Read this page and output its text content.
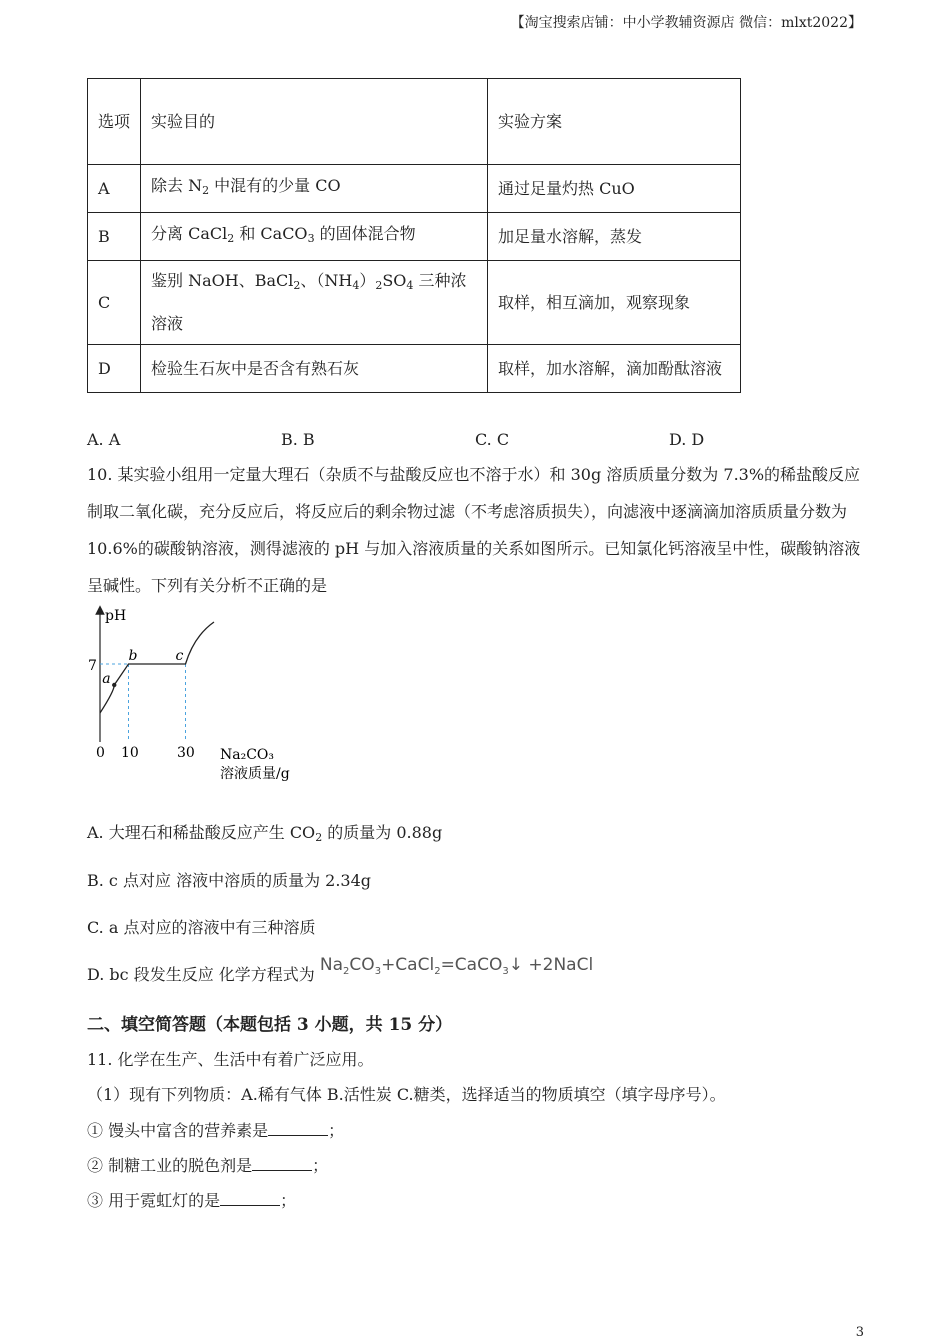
【淘宝搜索店铺：中小学教辅资源店 微信：mlxt2022】
选项	实验目的	实验方案
A	除去 $N_2$ 中混有的少量 CO	通过足量灼热 CuO
B	分离 CaCl$_2$ 和 CaCO$_3$ 的固体混合物	加足量水溶解，蒸发
C	鉴别 NaOH、BaCl$_2$、$(NH_4)_2SO_4$ 三种浓溶液	取样，相互滴加，观察现象
D	检验生石灰中是否含有熟石灰	取样，加水溶解，滴加酚酞溶液
A. A	B. B	C. C	D. D
10. 某实验小组用一定量大理石（杂质不与盐酸反应也不溶于水）和 30g 溶质质量分数为 7.3%的稀盐酸反应制取二氧化碳，充分反应后，将反应后的剩余物过滤（不考虑溶质损失），向滤液中逐滴滴加溶质质量分数为 10.6%的碳酸钠溶液，测得滤液的 pH 与加入溶液质量的关系如图所示。已知氯化钙溶液呈中性，碳酸钠溶液呈碱性。下列有关分析不正确的是
pH
7
a
b	c
0 10	30 Na₂CO₃
溶液质量/g
A. 大理石和稀盐酸反应产生 $CO_2$ 的质量为 0.88g
B. c 点对应 溶液中溶质的质量为 2.34g
C. a 点对应的溶液中有三种溶质
D. bc 段发生反应 化学方程式为 $Na_2CO_3+CaCl_2=CaCO_3↓$ +2NaCl
二、填空简答题（本题包括 3 小题，共 15 分）
11. 化学在生产、生活中有着广泛应用。
（1）现有下列物质：A.稀有气体 B.活性炭 C.糖类，选择适当的物质填空（填字母序号）。
① 馒头中富含的营养素是	；
② 制糖工业的脱色剂是	；
③ 用于霓虹灯的是	；
3
